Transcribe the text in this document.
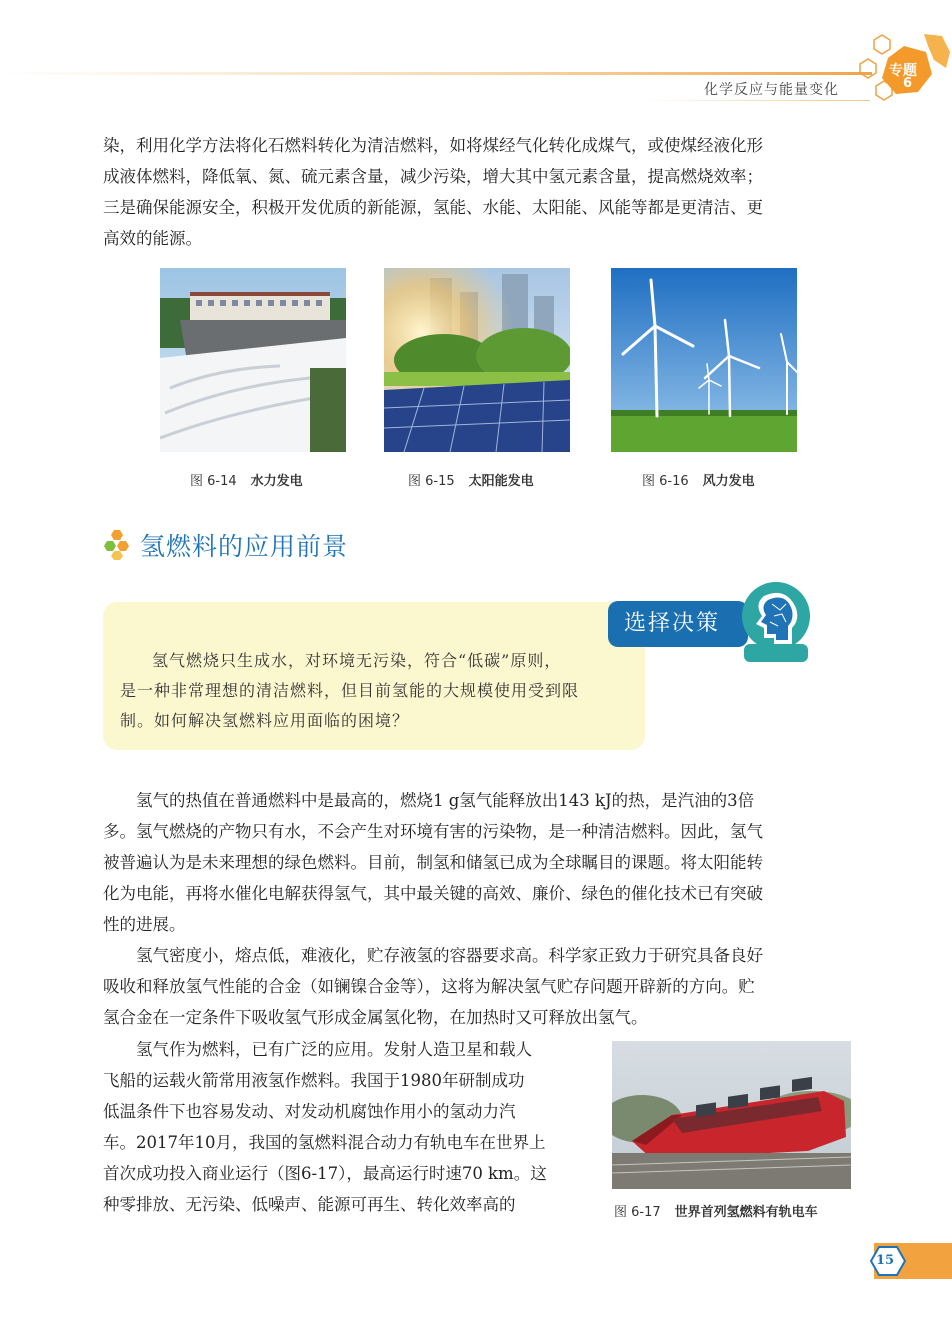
化学反应与能量变化
专题
6

染，利用化学方法将化石燃料转化为清洁燃料，如将煤经气化转化成煤气，或使煤经液化形

成液体燃料，降低氧、氮、硫元素含量，减少污染，增大其中氢元素含量，提高燃烧效率；

三是确保能源安全，积极开发优质的新能源，氢能、水能、太阳能、风能等都是更清洁、更

高效的能源。

图 6-14 水力发电	图 6-15 太阳能发电	图 6-16 风力发电
氢燃料的应用前景

氢气燃烧只生成水，对环境无污染，符合“低碳”原则，

是一种非常理想的清洁燃料，但目前氢能的大规模使用受到限

制。如何解决氢燃料应用面临的困境？

选择决策

氢气的热值在普通燃料中是最高的，燃烧1 g氢气能释放出143 kJ的热，是汽油的3倍

多。氢气燃烧的产物只有水，不会产生对环境有害的污染物，是一种清洁燃料。因此，氢气

被普遍认为是未来理想的绿色燃料。目前，制氢和储氢已成为全球瞩目的课题。将太阳能转

化为电能，再将水催化电解获得氢气，其中最关键的高效、廉价、绿色的催化技术已有突破

性的进展。

氢气密度小，熔点低，难液化，贮存液氢的容器要求高。科学家正致力于研究具备良好

吸收和释放氢气性能的合金（如镧镍合金等），这将为解决氢气贮存问题开辟新的方向。贮

氢合金在一定条件下吸收氢气形成金属氢化物，在加热时又可释放出氢气。

氢气作为燃料，已有广泛的应用。发射人造卫星和载人

飞船的运载火箭常用液氢作燃料。我国于1980年研制成功

低温条件下也容易发动、对发动机腐蚀作用小的氢动力汽

车。2017年10月，我国的氢燃料混合动力有轨电车在世界上

首次成功投入商业运行（图6-17），最高运行时速70 km。这

种零排放、无污染、低噪声、能源可再生、转化效率高的	图 6-17 世界首列氢燃料有轨电车
15
